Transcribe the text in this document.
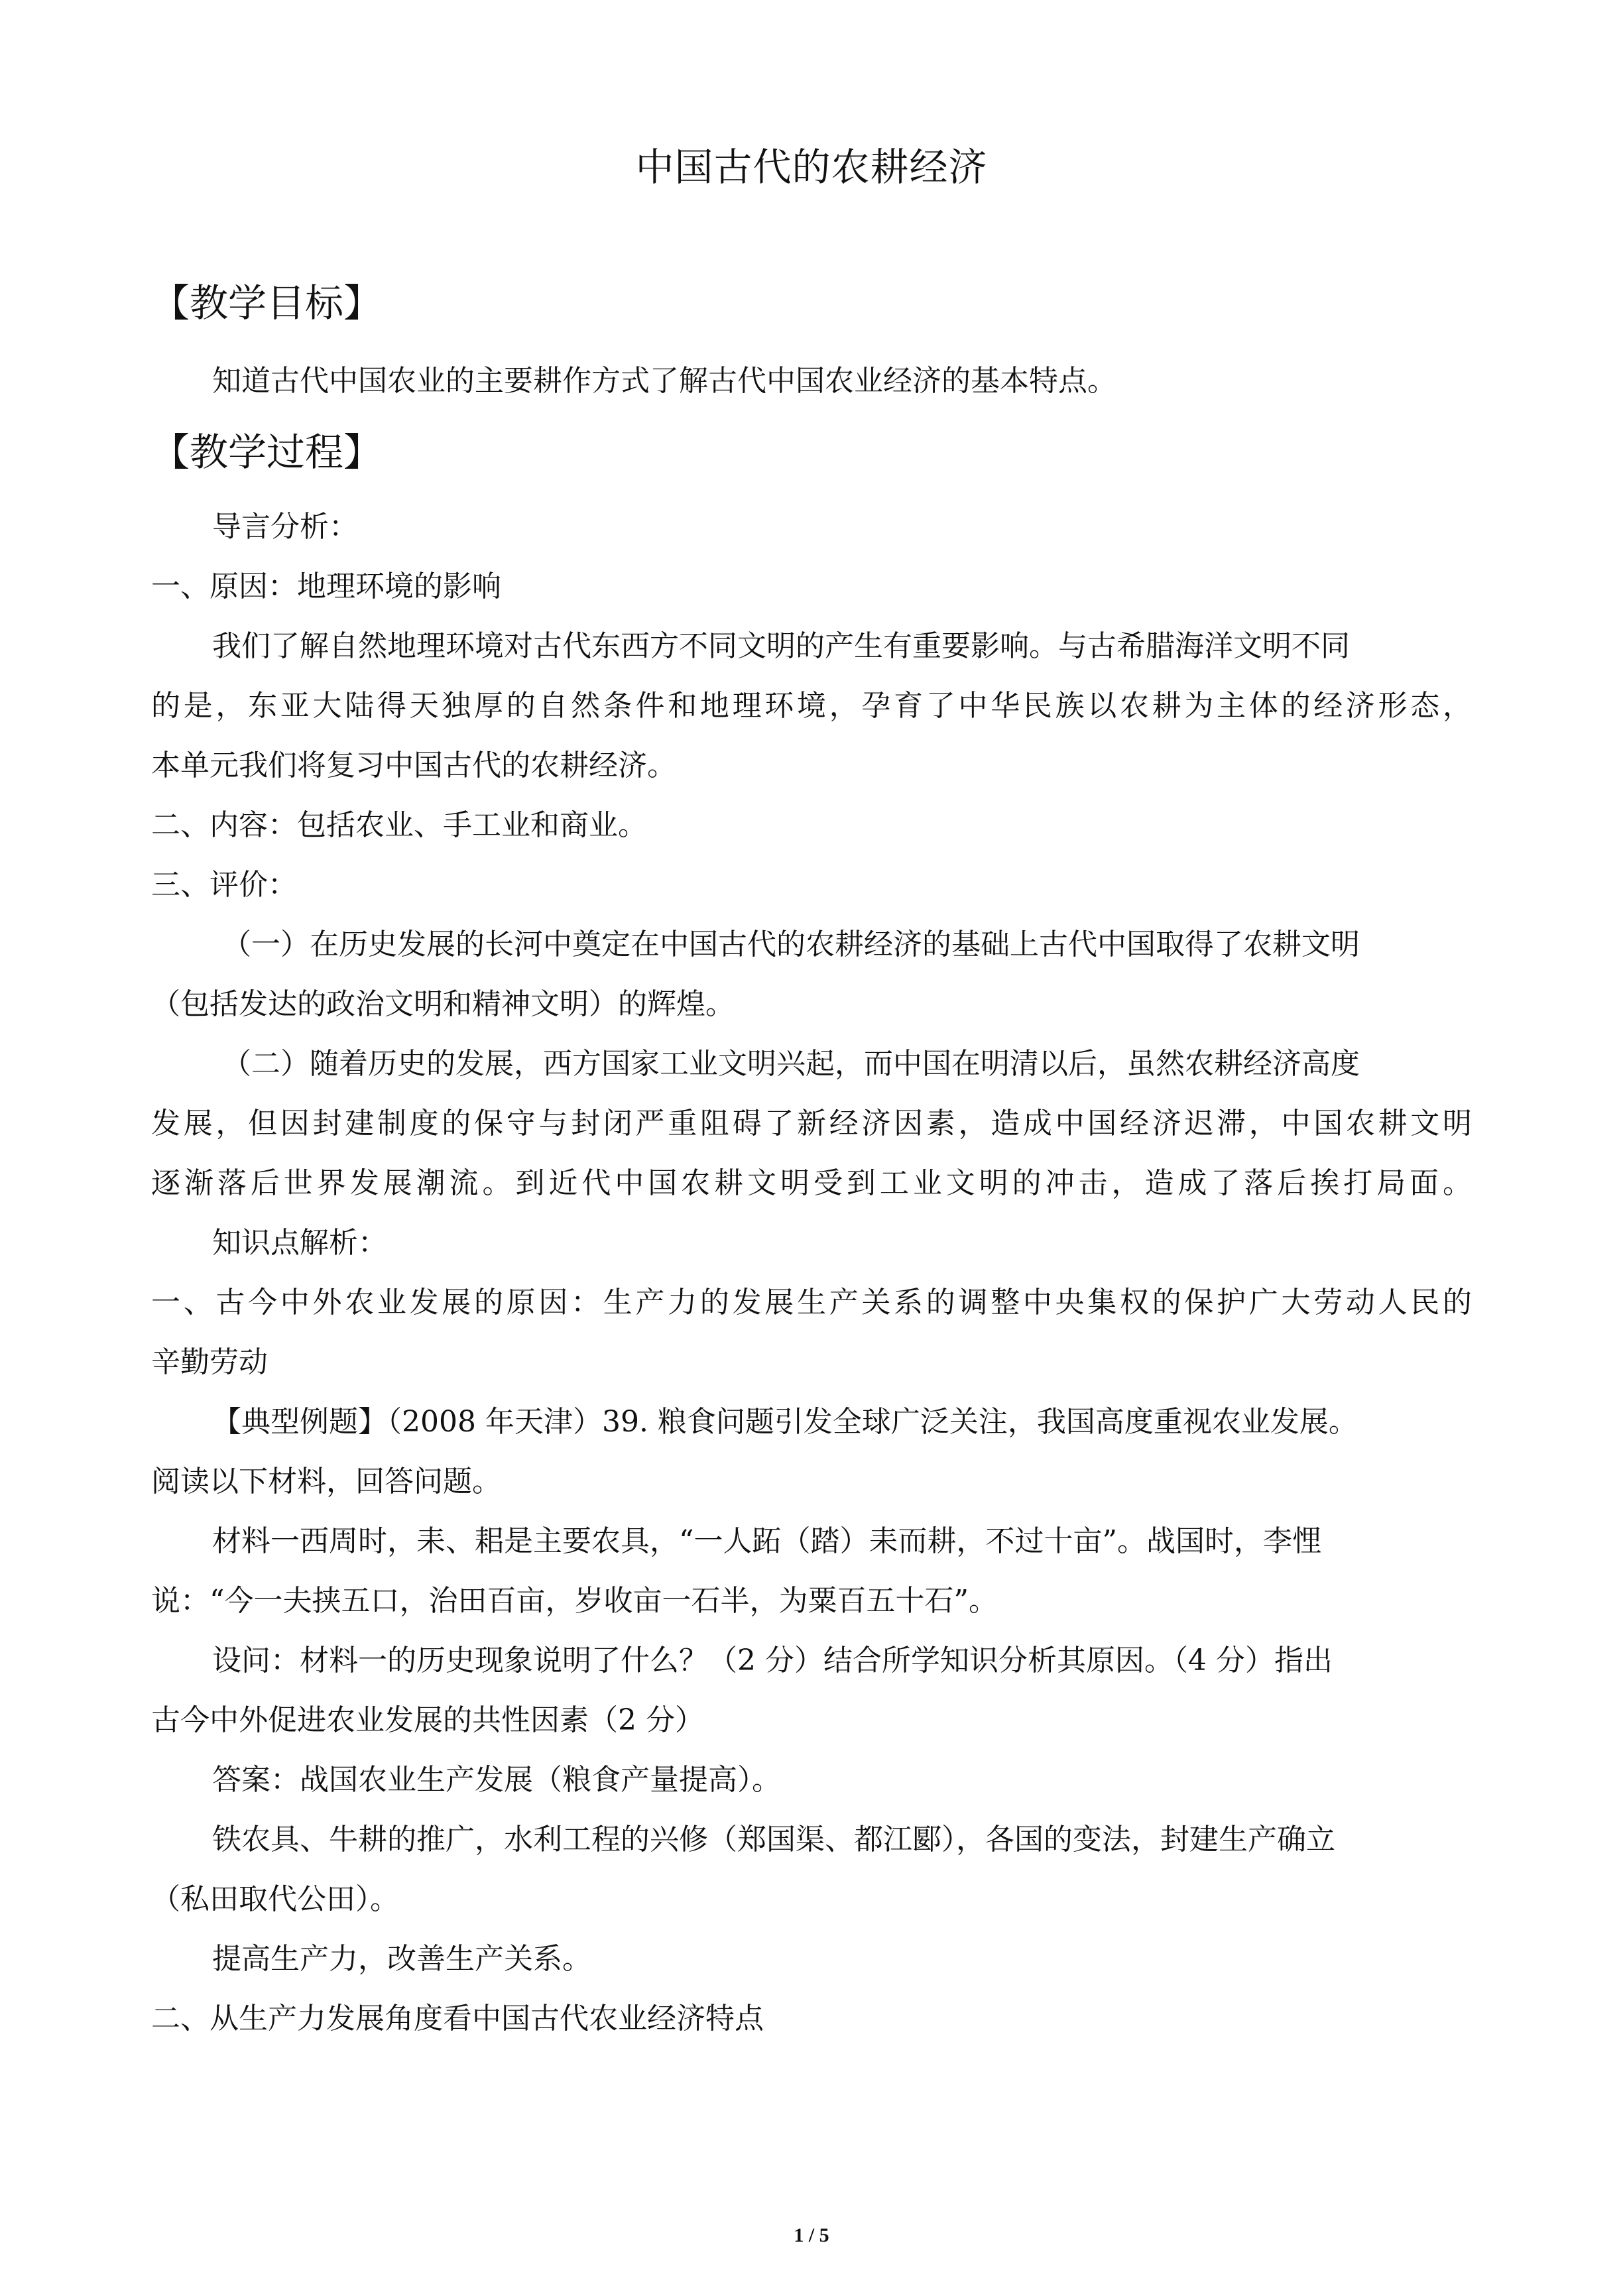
中国古代的农耕经济
【教学目标】

知道古代中国农业的主要耕作方式了解古代中国农业经济的基本特点。

【教学过程】

导言分析：

一、原因：地理环境的影响

我们了解自然地理环境对古代东西方不同文明的产生有重要影响。与古希腊海洋文明不同

的是，东亚大陆得天独厚的自然条件和地理环境，孕育了中华民族以农耕为主体的经济形态，

本单元我们将复习中国古代的农耕经济。

二、内容：包括农业、手工业和商业。

三、评价：

（一）在历史发展的长河中奠定在中国古代的农耕经济的基础上古代中国取得了农耕文明

（包括发达的政治文明和精神文明）的辉煌。

（二）随着历史的发展，西方国家工业文明兴起，而中国在明清以后，虽然农耕经济高度

发展，但因封建制度的保守与封闭严重阻碍了新经济因素，造成中国经济迟滞，中国农耕文明

逐渐落后世界发展潮流。到近代中国农耕文明受到工业文明的冲击，造成了落后挨打局面。

知识点解析：

一、古今中外农业发展的原因：生产力的发展生产关系的调整中央集权的保护广大劳动人民的

辛勤劳动

【典型例题】（2008 年天津）39. 粮食问题引发全球广泛关注，我国高度重视农业发展。

阅读以下材料，回答问题。

材料一西周时，耒、耜是主要农具，“一人跖（踏）耒而耕，不过十亩”。战国时，李悝

说：“今一夫挟五口，治田百亩，岁收亩一石半，为粟百五十石”。

设问：材料一的历史现象说明了什么？（2 分）结合所学知识分析其原因。（4 分）指出

古今中外促进农业发展的共性因素（2 分）

答案：战国农业生产发展（粮食产量提高）。

铁农具、牛耕的推广，水利工程的兴修（郑国渠、都江郾），各国的变法，封建生产确立

（私田取代公田）。

提高生产力，改善生产关系。

二、从生产力发展角度看中国古代农业经济特点

1 / 5
